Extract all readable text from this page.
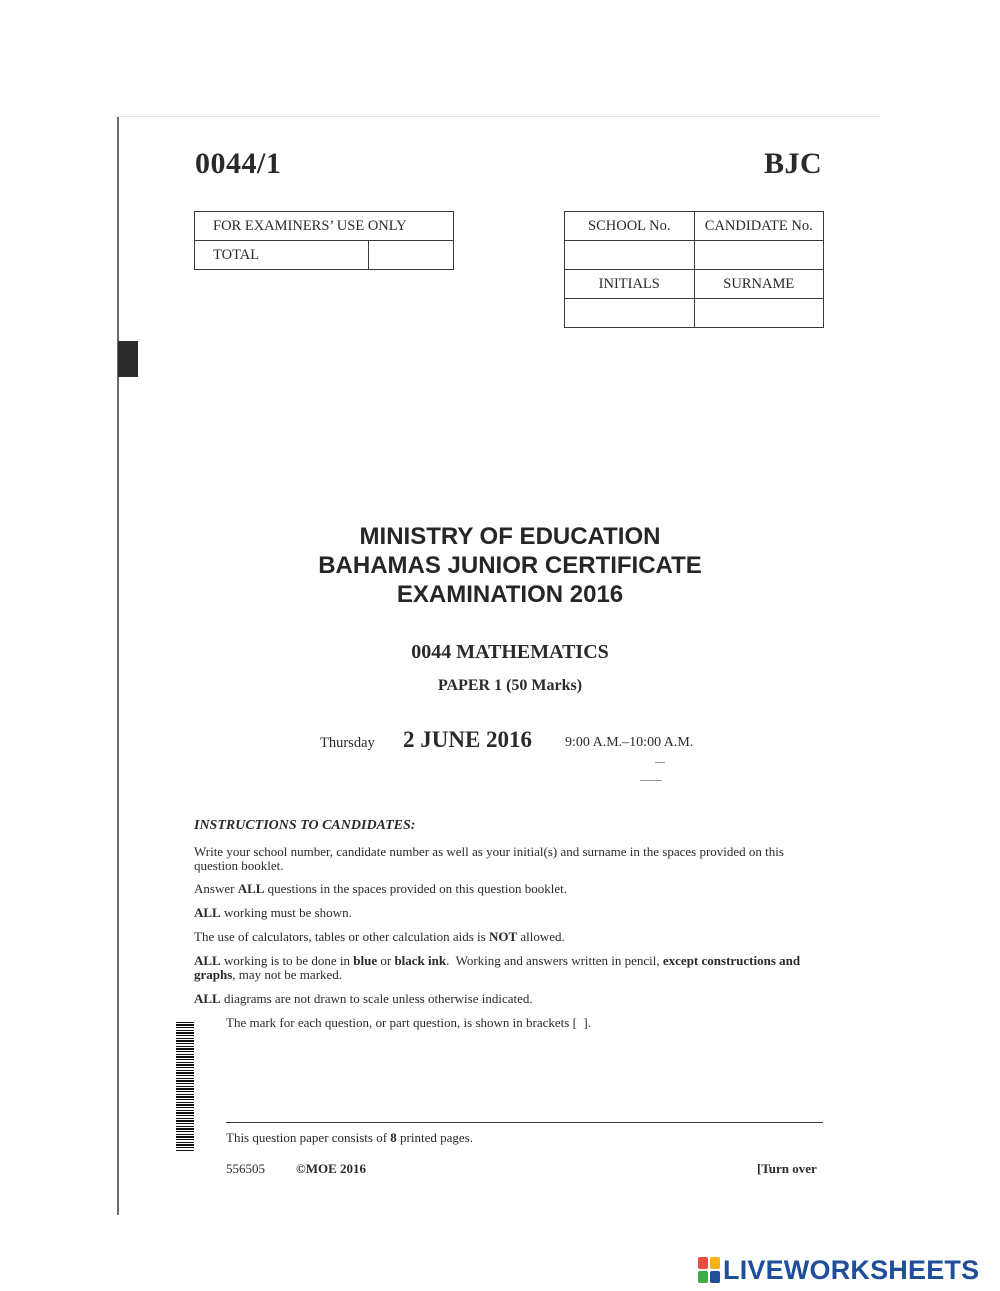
0044/1	BJC
FOR EXAMINERS’ USE ONLY
TOTAL	
SCHOOL No.	CANDIDATE No.

INITIALS	SURNAME

MINISTRY OF EDUCATION
BAHAMAS JUNIOR CERTIFICATE
EXAMINATION 2016
0044 MATHEMATICS
PAPER 1 (50 Marks)
Thursday 2 JUNE 2016 9:00 A.M.–10:00 A.M.
INSTRUCTIONS TO CANDIDATES:
Write your school number, candidate number as well as your initial(s) and surname in the spaces provided on this question booklet.
Answer ALL questions in the spaces provided on this question booklet.
ALL working must be shown.
The use of calculators, tables or other calculation aids is NOT allowed.
ALL working is to be done in blue or black ink.  Working and answers written in pencil, except constructions and graphs, may not be marked.
ALL diagrams are not drawn to scale unless otherwise indicated.
The mark for each question, or part question, is shown in brackets [  ].
This question paper consists of 8 printed pages.
556505 ©MOE 2016	[Turn over
LIVEWORKSHEETS
